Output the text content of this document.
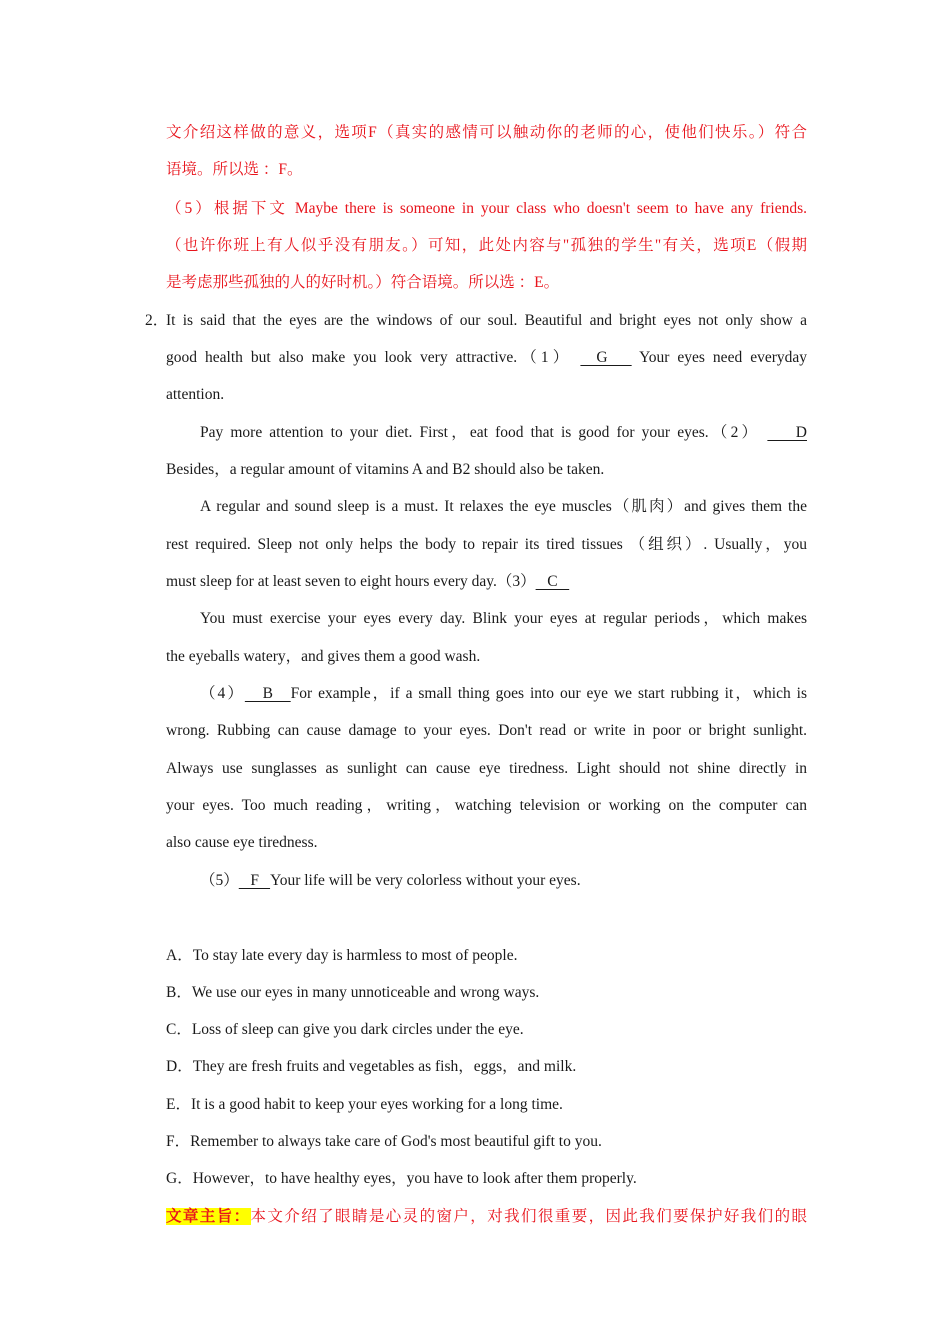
文介绍这样做的意义，选项F（真实的感情可以触动你的老师的心，使他们快乐。）符合
语境。所以选 ：F。
（5）根据下文 Maybe there is someone in your class who doesn't seem to have any friends.
（也许你班上有人似乎没有朋友。）可知，此处内容与"孤独的学生"有关，选项E（假期
是考虑那些孤独的人的好时机。）符合语境。所以选 ：E。
2．
It is said that the eyes are the windows of our soul. Beautiful and bright eyes not only show a
good health but also make you look very attractive.（1）   G    Your eyes need everyday
attention.
Pay more attention to your diet. First，eat food that is good for your eyes.（2）     D
Besides，a regular amount of vitamins A and B2 should also be taken.
A regular and sound sleep is a must. It relaxes the eye muscles（肌肉）and gives them the
rest required. Sleep not only helps the body to repair its tired tissues （组织）. Usually，you
must sleep for at least seven to eight hours every day.（3）   C
You must exercise your eyes every day. Blink your eyes at regular periods，which makes
the eyeballs watery，and gives them a good wash.
（4）   B   For example，if a small thing goes into our eye we start rubbing it，which is
wrong. Rubbing can cause damage to your eyes. Don't read or write in poor or bright sunlight.
Always use sunglasses as sunlight can cause eye tiredness. Light should not shine directly in
your eyes. Too much reading，writing，watching television or working on the computer can
also cause eye tiredness.
（5）   F   Your life will be very colorless without your eyes.
A．To stay late every day is harmless to most of people.
B．We use our eyes in many unnoticeable and wrong ways.
C．Loss of sleep can give you dark circles under the eye.
D．They are fresh fruits and vegetables as fish，eggs，and milk.
E．It is a good habit to keep your eyes working for a long time.
F．Remember to always take care of God's most beautiful gift to you.
G．However，to have healthy eyes，you have to look after them properly.
文章主旨：本文介绍了眼睛是心灵的窗户，对我们很重要，因此我们要保护好我们的眼
